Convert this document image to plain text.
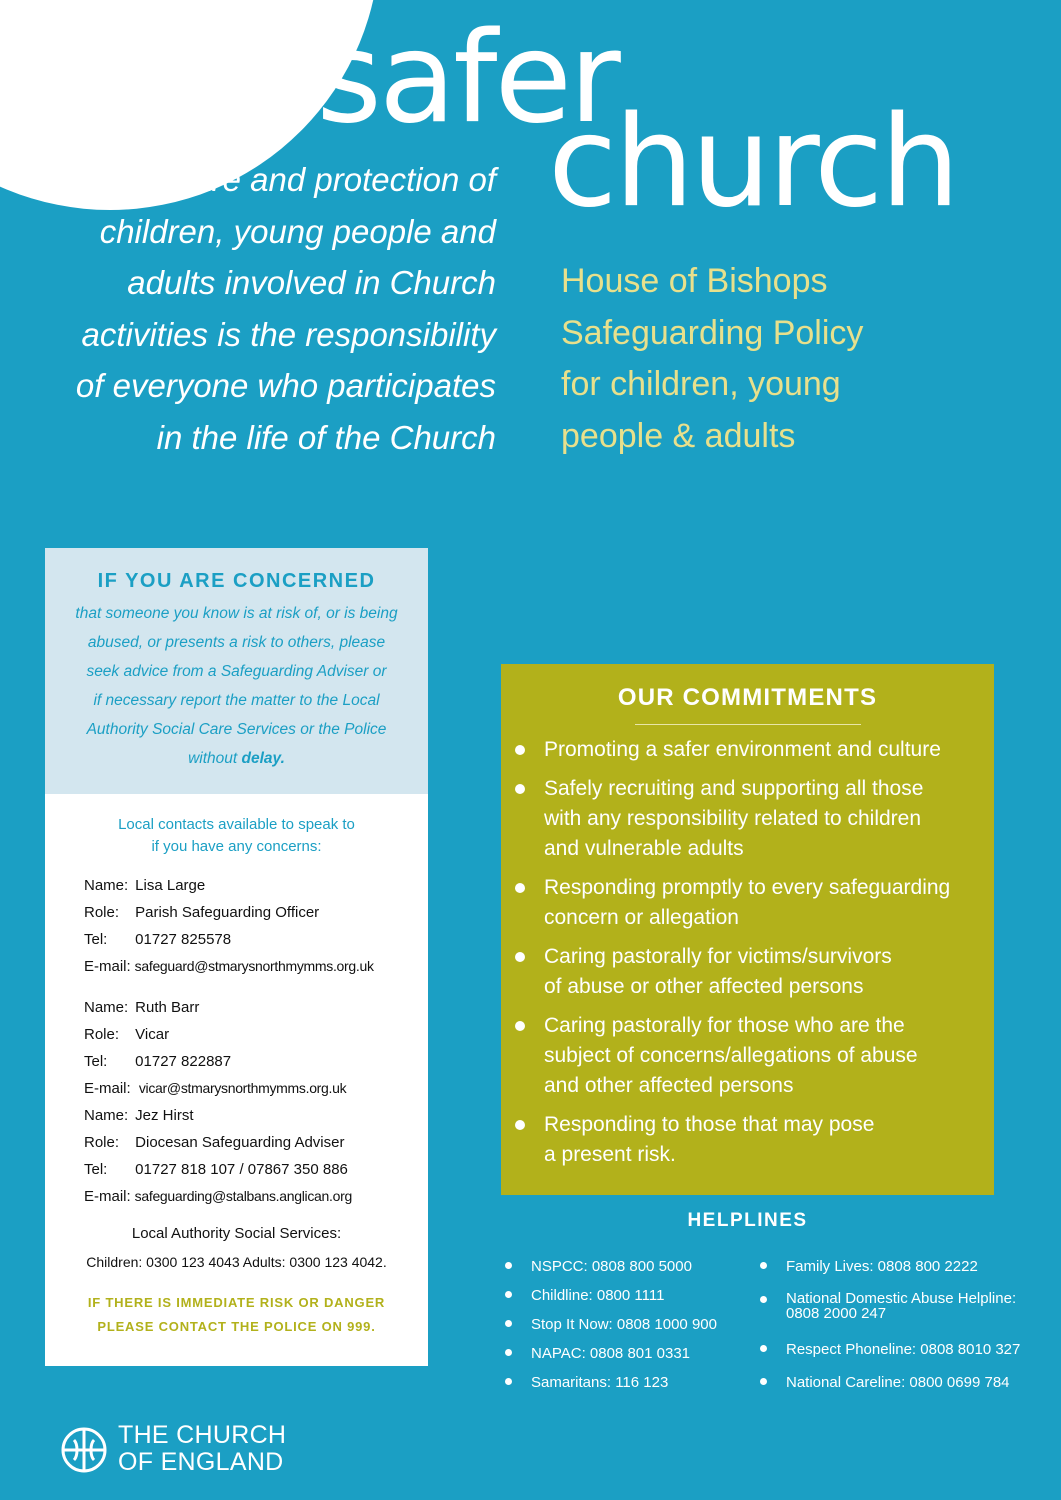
a safer
church
The care and protection of
children, young people and
adults involved in Church
activities is the responsibility
of everyone who participates
in the life of the Church
House of Bishops
Safeguarding Policy
for children, young
people & adults
IF YOU ARE CONCERNED
that someone you know is at risk of, or is being
abused, or presents a risk to others, please
seek advice from a Safeguarding Adviser or
if necessary report the matter to the Local
Authority Social Care Services or the Police
without delay.
Local contacts available to speak to
if you have any concerns:
Name: Lisa Large
Role: Parish Safeguarding Officer
Tel: 01727 825578
E-mail: safeguard@stmarysnorthmymms.org.uk
Name: Ruth Barr
Role: Vicar
Tel: 01727 822887
E-mail: vicar@stmarysnorthmymms.org.uk
Name: Jez Hirst
Role: Diocesan Safeguarding Adviser
Tel: 01727 818 107 / 07867 350 886
E-mail: safeguarding@stalbans.anglican.org
Local Authority Social Services:
Children: 0300 123 4043 Adults: 0300 123 4042.
IF THERE IS IMMEDIATE RISK OR DANGER
PLEASE CONTACT THE POLICE ON 999.
OUR COMMITMENTS
Promoting a safer environment and culture
Safely recruiting and supporting all those
with any responsibility related to children
and vulnerable adults
Responding promptly to every safeguarding
concern or allegation
Caring pastorally for victims/survivors
of abuse or other affected persons
Caring pastorally for those who are the
subject of concerns/allegations of abuse
and other affected persons
Responding to those that may pose
a present risk.
HELPLINES
NSPCC: 0808 800 5000
Childline: 0800 1111
Stop It Now: 0808 1000 900
NAPAC: 0808 801 0331
Samaritans: 116 123
Family Lives: 0808 800 2222
National Domestic Abuse Helpline:
0808 2000 247
Respect Phoneline: 0808 8010 327
National Careline: 0800 0699 784
THE CHURCH
OF ENGLAND
